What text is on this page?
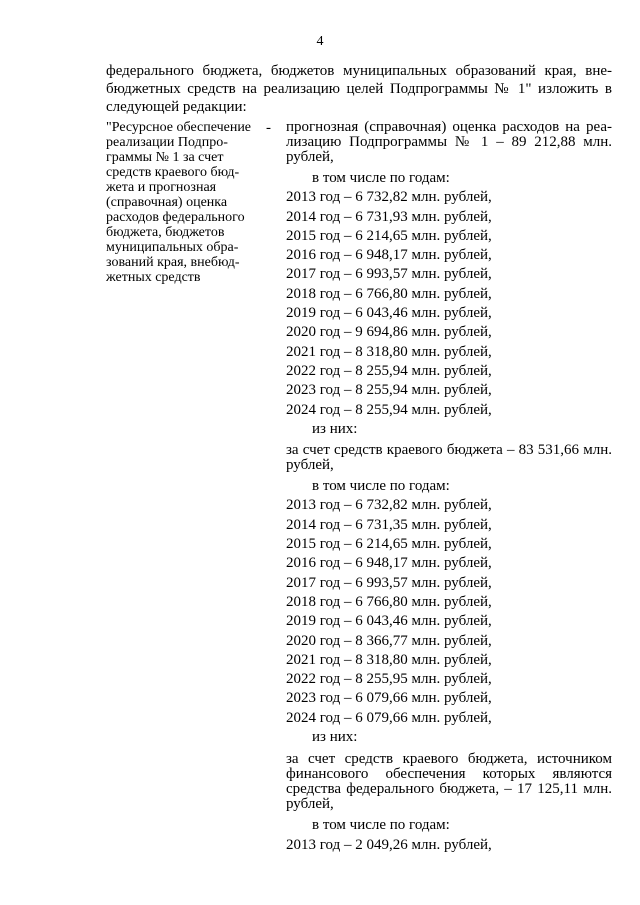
4
федерального бюджета, бюджетов муниципальных образований края, вне-
бюджетных средств на реализацию целей Подпрограммы № 1" изложить в
следующей редакции:
"Ресурсное обеспечение
реализации Подпро-
граммы № 1 за счет
средств краевого бюд-
жета и прогнозная
(справочная) оценка
расходов федерального
бюджета, бюджетов
муниципальных обра-
зований края, внебюд-
жетных средств
- прогнозная (справочная) оценка расходов на реа-
лизацию Подпрограммы № 1 – 89 212,88 млн.
рублей,
в том числе по годам:
2013 год – 6 732,82 млн. рублей,
2014 год – 6 731,93 млн. рублей,
2015 год – 6 214,65 млн. рублей,
2016 год – 6 948,17 млн. рублей,
2017 год – 6 993,57 млн. рублей,
2018 год – 6 766,80 млн. рублей,
2019 год – 6 043,46 млн. рублей,
2020 год – 9 694,86 млн. рублей,
2021 год – 8 318,80 млн. рублей,
2022 год – 8 255,94 млн. рублей,
2023 год – 8 255,94 млн. рублей,
2024 год – 8 255,94 млн. рублей,
из них:
за счет средств краевого бюджета – 83 531,66 млн.
рублей,
в том числе по годам:
2013 год – 6 732,82 млн. рублей,
2014 год – 6 731,35 млн. рублей,
2015 год – 6 214,65 млн. рублей,
2016 год – 6 948,17 млн. рублей,
2017 год – 6 993,57 млн. рублей,
2018 год – 6 766,80 млн. рублей,
2019 год – 6 043,46 млн. рублей,
2020 год – 8 366,77 млн. рублей,
2021 год – 8 318,80 млн. рублей,
2022 год – 8 255,95 млн. рублей,
2023 год – 6 079,66 млн. рублей,
2024 год – 6 079,66 млн. рублей,
из них:
за счет средств краевого бюджета, источником
финансового обеспечения которых являются
средства федерального бюджета, – 17 125,11 млн.
рублей,
в том числе по годам:
2013 год – 2 049,26 млн. рублей,
